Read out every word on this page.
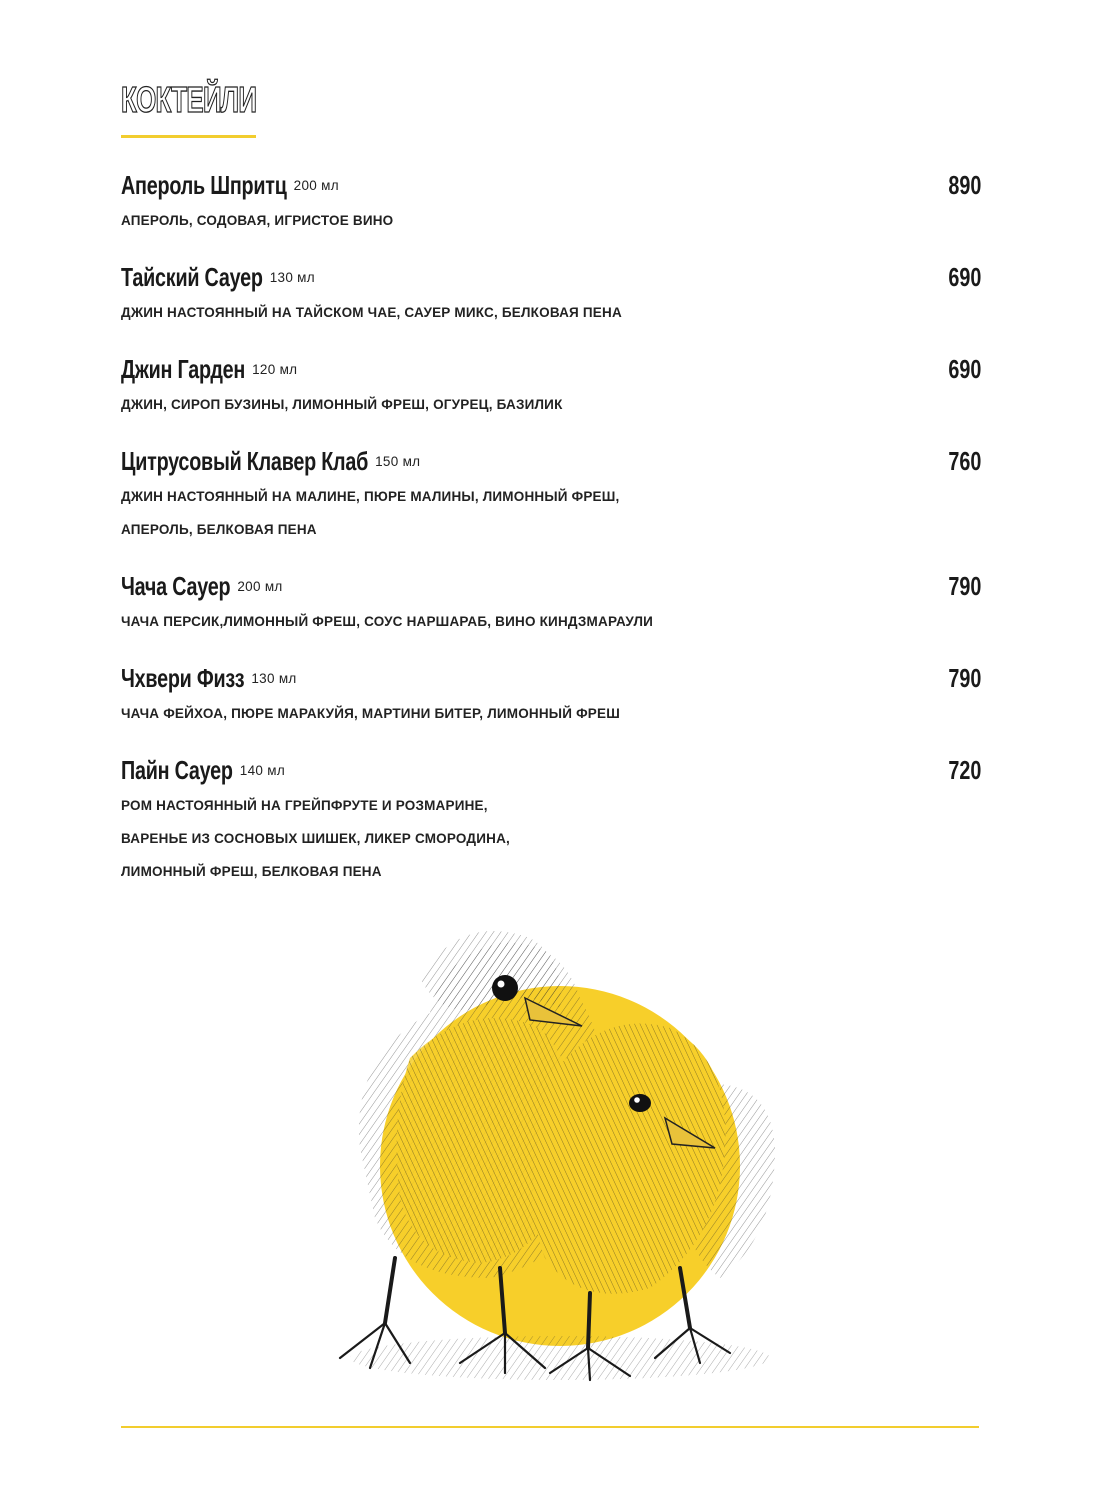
КОКТЕЙЛИ
Апероль Шпритц 200 мл	890
АПЕРОЛЬ, СОДОВАЯ, ИГРИСТОЕ ВИНО
Тайский Сауер 130 мл	690
ДЖИН НАСТОЯННЫЙ НА ТАЙСКОМ ЧАЕ, САУЕР МИКС, БЕЛКОВАЯ ПЕНА
Джин Гарден 120 мл	690
ДЖИН, СИРОП БУЗИНЫ, ЛИМОННЫЙ ФРЕШ, ОГУРЕЦ, БАЗИЛИК
Цитрусовый Клавер Клаб 150 мл	760
ДЖИН НАСТОЯННЫЙ НА МАЛИНЕ, ПЮРЕ МАЛИНЫ, ЛИМОННЫЙ ФРЕШ,
АПЕРОЛЬ, БЕЛКОВАЯ ПЕНА
Чача Сауер 200 мл	790
ЧАЧА ПЕРСИК,ЛИМОННЫЙ ФРЕШ, СОУС НАРШАРАБ, ВИНО КИНДЗМАРАУЛИ
Чхвери Физз 130 мл	790
ЧАЧА ФЕЙХОА, ПЮРЕ МАРАКУЙЯ, МАРТИНИ БИТЕР, ЛИМОННЫЙ ФРЕШ
Пайн Сауер 140 мл	720
РОМ НАСТОЯННЫЙ НА ГРЕЙПФРУТЕ И РОЗМАРИНЕ,
ВАРЕНЬЕ ИЗ СОСНОВЫХ ШИШЕК, ЛИКЕР СМОРОДИНА,
ЛИМОННЫЙ ФРЕШ, БЕЛКОВАЯ ПЕНА
